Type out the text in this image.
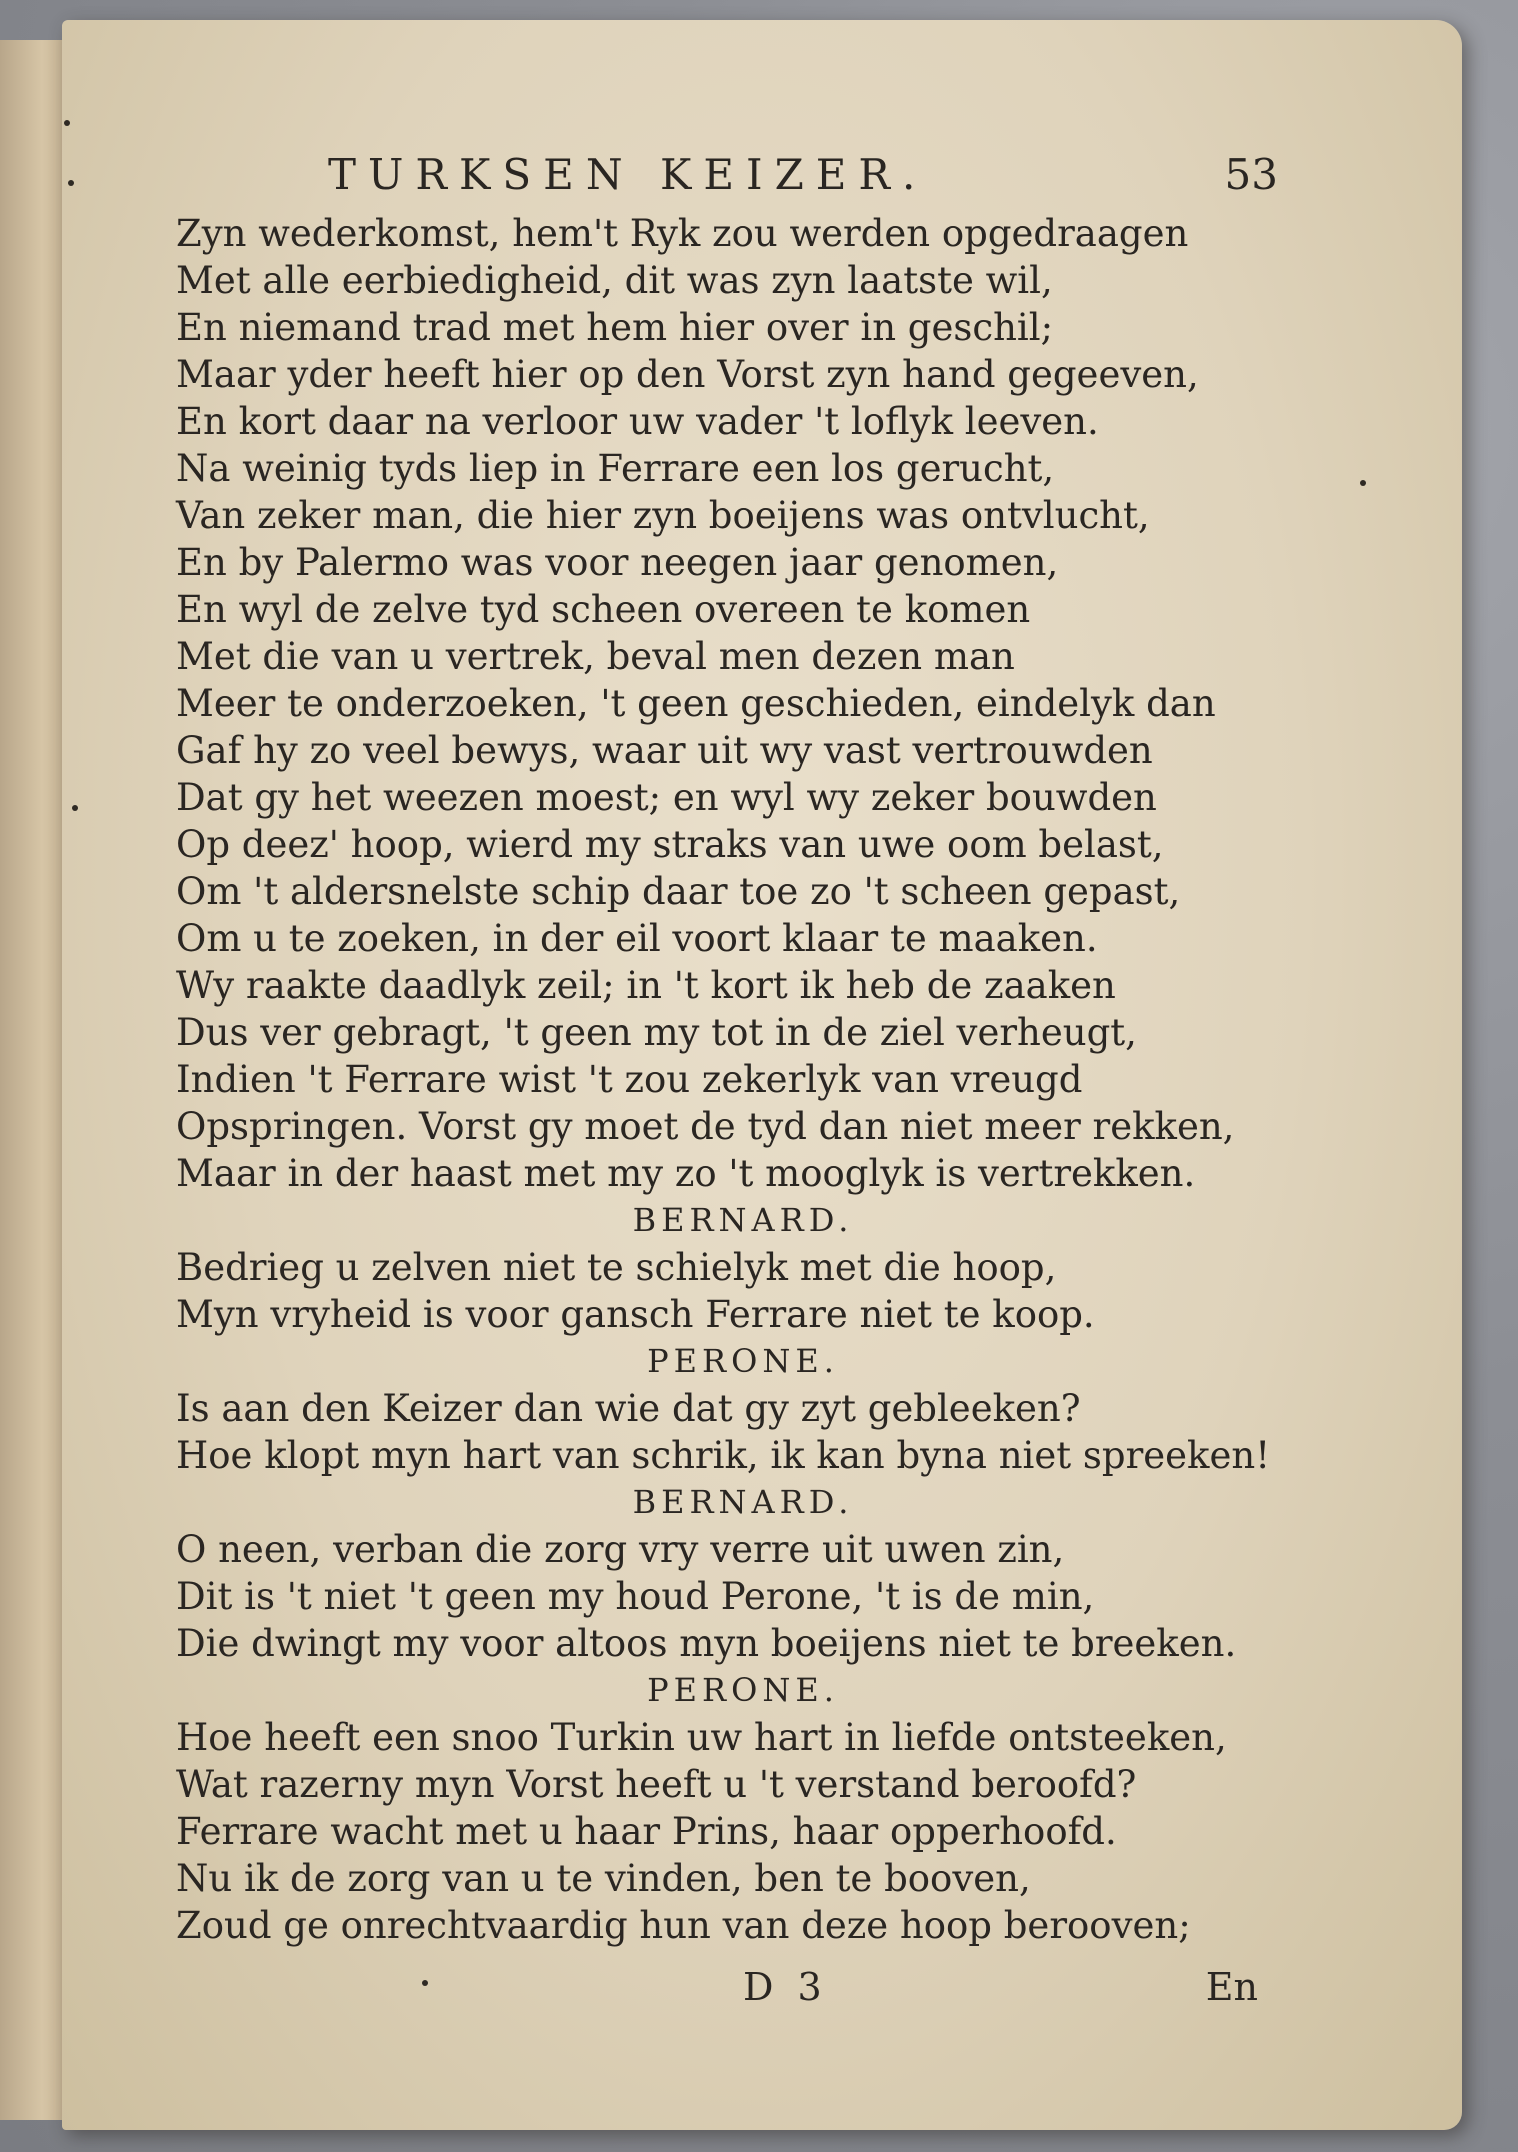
TURKSEN KEIZER.	53
Zyn wederkomst, hem't Ryk zou werden opgedraagen
Met alle eerbiedigheid, dit was zyn laatste wil,
En niemand trad met hem hier over in geschil;
Maar yder heeft hier op den Vorst zyn hand gegeeven,
En kort daar na verloor uw vader 't loflyk leeven.
Na weinig tyds liep in Ferrare een los gerucht,
Van zeker man, die hier zyn boeijens was ontvlucht,
En by Palermo was voor neegen jaar genomen,
En wyl de zelve tyd scheen overeen te komen
Met die van u vertrek, beval men dezen man
Meer te onderzoeken, 't geen geschieden, eindelyk dan
Gaf hy zo veel bewys, waar uit wy vast vertrouwden
Dat gy het weezen moest; en wyl wy zeker bouwden
Op deez' hoop, wierd my straks van uwe oom belast,
Om 't aldersnelste schip daar toe zo 't scheen gepast,
Om u te zoeken, in der eil voort klaar te maaken.
Wy raakte daadlyk zeil; in 't kort ik heb de zaaken
Dus ver gebragt, 't geen my tot in de ziel verheugt,
Indien 't Ferrare wist 't zou zekerlyk van vreugd
Opspringen. Vorst gy moet de tyd dan niet meer rekken,
Maar in der haast met my zo 't mooglyk is vertrekken.
BERNARD.
Bedrieg u zelven niet te schielyk met die hoop,
Myn vryheid is voor gansch Ferrare niet te koop.
PERONE.
Is aan den Keizer dan wie dat gy zyt gebleeken?
Hoe klopt myn hart van schrik, ik kan byna niet spreeken!
BERNARD.
O neen, verban die zorg vry verre uit uwen zin,
Dit is 't niet 't geen my houd Perone, 't is de min,
Die dwingt my voor altoos myn boeijens niet te breeken.
PERONE.
Hoe heeft een snoo Turkin uw hart in liefde ontsteeken,
Wat razerny myn Vorst heeft u 't verstand beroofd?
Ferrare wacht met u haar Prins, haar opperhoofd.
Nu ik de zorg van u te vinden, ben te booven,
Zoud ge onrechtvaardig hun van deze hoop berooven;
D 3	En
